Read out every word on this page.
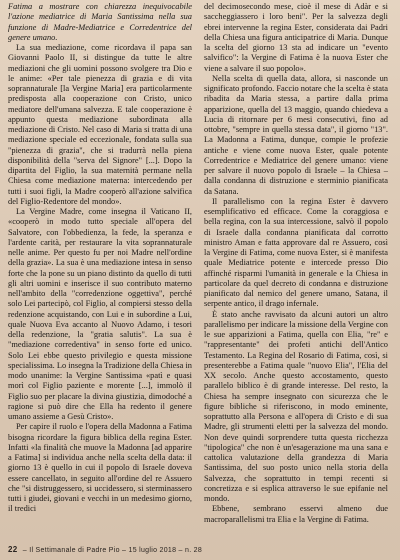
Fatima a mostrare con chiarezza inequivocabile l'azione mediatrice di Maria Santissima nella sua funzione di Madre-Mediatrice e Corredentrice del genere umano.

La sua mediazione, come ricordava il papa san Giovanni Paolo II, si distingue da tutte le altre mediazioni che gli uomini possono svolgere tra Dio e le anime: «Per tale pienezza di grazia e di vita soprannaturale [la Vergine Maria] era particolarmente predisposta alla cooperazione con Cristo, unico mediatore dell'umana salvezza. E tale cooperazione è appunto questa mediazione subordinata alla mediazione di Cristo. Nel caso di Maria si tratta di una mediazione speciale ed eccezionale, fondata sulla sua "pienezza di grazia", che si tradurrà nella piena disponibilità della "serva del Signore" [...]. Dopo la dipartita del Figlio, la sua maternità permane nella Chiesa come mediazione materna: intercedendo per tutti i suoi figli, la Madre cooperò all'azione salvifica del Figlio-Redentore del mondo».

La Vergine Madre, come insegna il Vaticano II, «cooperò in modo tutto speciale all'opera del Salvatore, con l'obbedienza, la fede, la speranza e l'ardente carità, per restaurare la vita soprannaturale nelle anime. Per questo fu per noi Madre nell'ordine della grazia». La sua è una mediazione intesa in senso forte che la pone su un piano distinto da quello di tutti gli altri uomini e inserisce il suo contributo materno nell'ambito della "corredenzione oggettiva", perché solo Lei partecipò, col Figlio, al compiersi stesso della redenzione acquistando, con Lui e in subordine a Lui, quale Nuova Eva accanto al Nuovo Adamo, i tesori della redenzione, la "gratia salutis". La sua è "mediazione corredentiva" in senso forte ed unico. Solo Lei ebbe questo privilegio e questa missione specialissima. Lo insegna la Tradizione della Chiesa in modo unanime: la Vergine Santissima «patì e quasi morì col Figlio paziente e morente [...], immolò il Figlio suo per placare la divina giustizia, dimodoché a ragione si può dire che Ella ha redento il genere umano assieme a Gesù Cristo».

Per capire il ruolo e l'opera della Madonna a Fatima bisogna ricordare la figura biblica della regina Ester. Infatti «la finalità che muove la Madonna [ad apparire a Fatima] si individua anche nella scelta della data: il giorno 13 è quello in cui il popolo di Israele doveva essere cancellato, in seguito all'ordine del re Assuero che "si distruggessero, si uccidessero, si sterminassero tutti i giudei, giovani e vecchi in un medesimo giorno, il tredici

del decimosecondo mese, cioè il mese di Adàr e si saccheggiassero i loro beni". Per la salvezza degli ebrei intervenne la regina Ester, considerata dai Padri della Chiesa una figura anticipatrice di Maria. Dunque la scelta del giorno 13 sta ad indicare un "evento salvifico": la Vergine di Fatima è la nuova Ester che viene a salvare il suo popolo».

Nella scelta di quella data, allora, si nasconde un significato profondo. Faccio notare che la scelta è stata ribadita da Maria stessa, a partire dalla prima apparizione, quella del 13 maggio, quando chiedeva a Lucia di ritornare per 6 mesi consecutivi, fino ad ottobre, "sempre in quella stessa data", il giorno "13". La Madonna a Fatima, dunque, compie le profezie antiche e viene come nuova Ester, quale potente Corredentrice e Mediatrice del genere umano: viene per salvare il nuovo popolo di Israele – la Chiesa – dalla condanna di distruzione e sterminio pianificata da Satana.

Il parallelismo con la regina Ester è davvero esemplificativo ed efficace. Come la coraggiosa e bella regina, con la sua intercessione, salvò il popolo di Israele dalla condanna pianificata dal corrotto ministro Aman e fatta approvare dal re Assuero, così la Vergine di Fatima, come nuova Ester, si è manifesta quale Mediatrice potente e intercede presso Dio affinché risparmi l'umanità in generale e la Chiesa in particolare da quel decreto di condanna e distruzione pianificato dal nemico del genere umano, Satana, il serpente antico, il drago infernale.

È stato anche ravvisato da alcuni autori un altro parallelismo per indicare la missione della Vergine con le sue apparizioni a Fatima, quella con Elia, "re" e "rappresentante" dei profeti antichi dell'Antico Testamento. La Regina del Rosario di Fatima, così, si presenterebbe a Fatima quale "nuovo Elia", l'Elia del XX secolo. Anche questo accostamento, questo parallelo biblico è di grande interesse. Del resto, la Chiesa ha sempre insegnato con sicurezza che le figure bibliche si riferiscono, in modo eminente, soprattutto alla Persona e all'opera di Cristo e di sua Madre, gli strumenti eletti per la salvezza del mondo. Non deve quindi sorprendere tutta questa ricchezza "tipologica" che non è un'esagerazione ma una sana e cattolica valutazione della grandezza di Maria Santissima, del suo posto unico nella storia della Salvezza, che soprattutto in tempi recenti si concretizza e si esplica attraverso le sue epifanie nel mondo.

Ebbene, sembrano esservi almeno due macroparallelismi tra Elia e la Vergine di Fatima.

22 – Il Settimanale di Padre Pio – 15 luglio 2018 – n. 28
